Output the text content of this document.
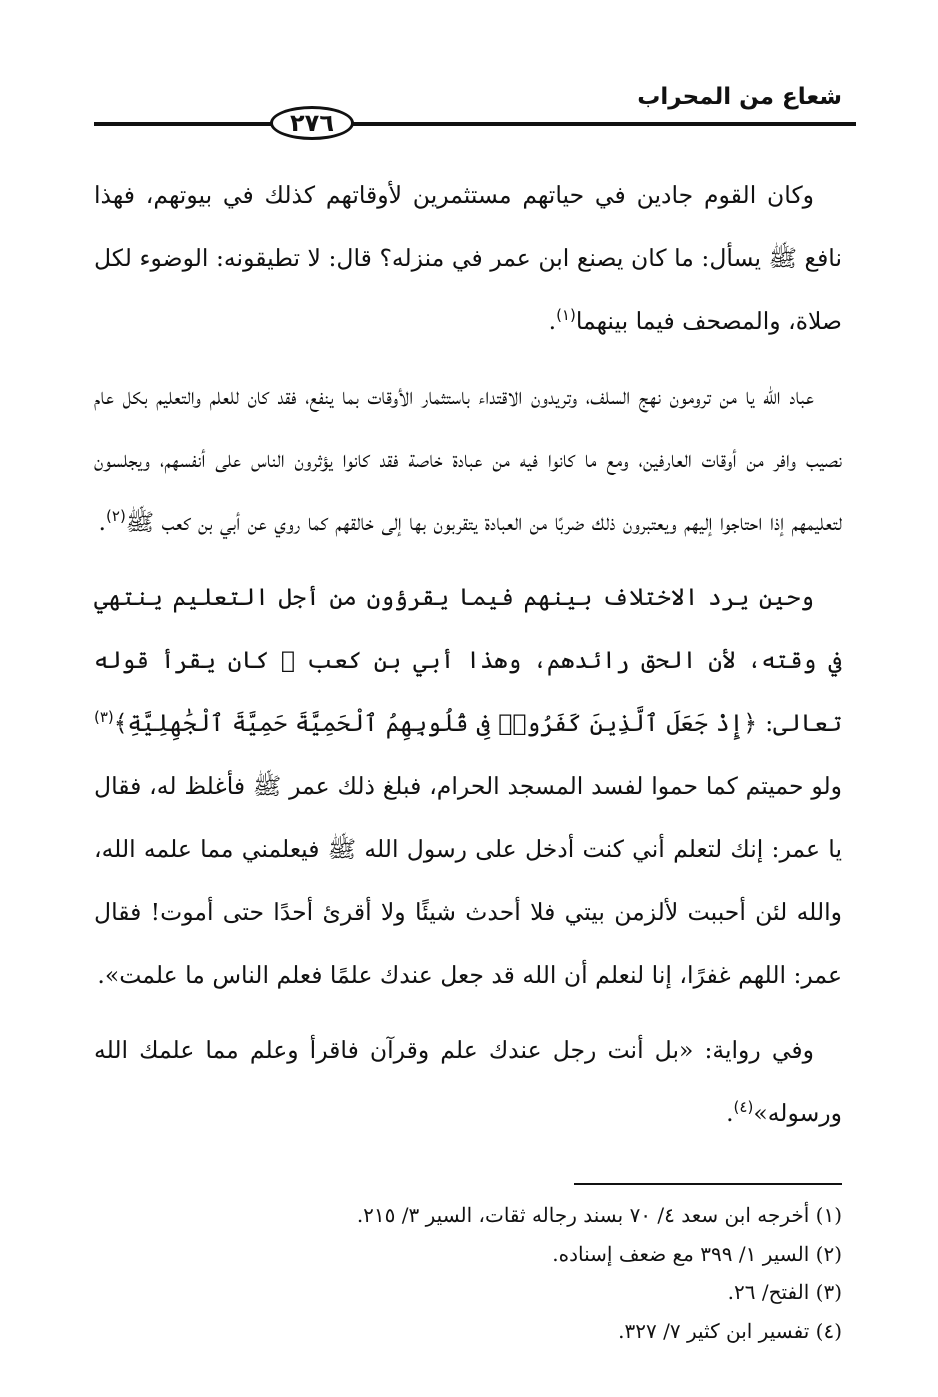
شعاع من المحراب
٢٧٦

وكان القوم جادين في حياتهم مستثمرين لأوقاتهم كذلك في بيوتهم، فهذا نافع ﷺ يسأل: ما كان يصنع ابن عمر في منزله؟ قال: لا تطيقونه: الوضوء لكل صلاة، والمصحف فيما بينهما$^{(١)}$.

عباد الله يا من ترومون نهج السلف، وتريدون الاقتداء باستثمار الأوقات بما ينفع، فقد كان للعلم والتعليم بكل عام نصيب وافر من أوقات العارفين، ومع ما كانوا فيه من عبادة خاصة فقد كانوا يؤثرون الناس على أنفسهم، ويجلسون لتعليمهم إذا احتاجوا إليهم ويعتبرون ذلك ضربًا من العبادة يتقربون بها إلى خالقهم كما روي عن أبي بن كعب ﷺ$^{(٢)}$.

وحين يرد الاختلاف بينهم فيما يقرؤون من أجل التعليم ينتهي في وقته، لأن الحق رائدهم، وهذا أبي بن كعب ﷺ كان يقرأ قوله تعالى: ﴿إِذْ جَعَلَ ٱلَّذِينَ كَفَرُوا۟ فِى قُلُوبِهِمُ ٱلْحَمِيَّةَ حَمِيَّةَ ٱلْجَٰهِلِيَّةِ﴾$^{(٣)}$ ولو حميتم كما حموا لفسد المسجد الحرام، فبلغ ذلك عمر ﷺ فأغلظ له، فقال يا عمر: إنك لتعلم أني كنت أدخل على رسول الله ﷺ فيعلمني مما علمه الله، والله لئن أحببت لألزمن بيتي فلا أحدث شيئًا ولا أقرئ أحدًا حتى أموت! فقال عمر: اللهم غفرًا، إنا لنعلم أن الله قد جعل عندك علمًا فعلم الناس ما علمت».

وفي رواية: «بل أنت رجل عندك علم وقرآن فاقرأ وعلم مما علمك الله ورسوله»$^{(٤)}$.

(١) أخرجه ابن سعد ٤/ ٧٠ بسند رجاله ثقات، السير ٣/ ٢١٥.
(٢) السير ١/ ٣٩٩ مع ضعف إسناده.
(٣) الفتح/ ٢٦.
(٤) تفسير ابن كثير ٧/ ٣٢٧.
